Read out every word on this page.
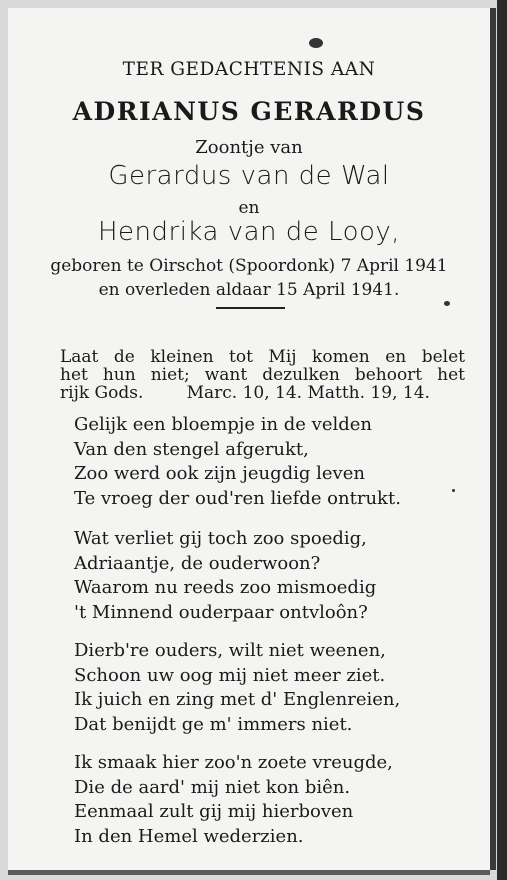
TER GEDACHTENIS AAN
ADRIANUS GERARDUS
Zoontje van
Gerardus van de Wal
en
Hendrika van de Looy,
geboren te Oirschot (Spoordonk) 7 April 1941
en overleden aldaar 15 April 1941.
Laat de kleinen tot Mij komen en belet
het hun niet; want dezulken behoort het
rijk Gods.        Marc. 10, 14. Matth. 19, 14.
Gelijk een bloempje in de velden
Van den stengel afgerukt,
Zoo werd ook zijn jeugdig leven
Te vroeg der oud'ren liefde ontrukt.
Wat verliet gij toch zoo spoedig,
Adriaantje, de ouderwoon?
Waarom nu reeds zoo mismoedig
't Minnend ouderpaar ontvloôn?
Dierb're ouders, wilt niet weenen,
Schoon uw oog mij niet meer ziet.
Ik juich en zing met d' Englenreien,
Dat benijdt ge m' immers niet.
Ik smaak hier zoo'n zoete vreugde,
Die de aard' mij niet kon biên.
Eenmaal zult gij mij hierboven
In den Hemel wederzien.
